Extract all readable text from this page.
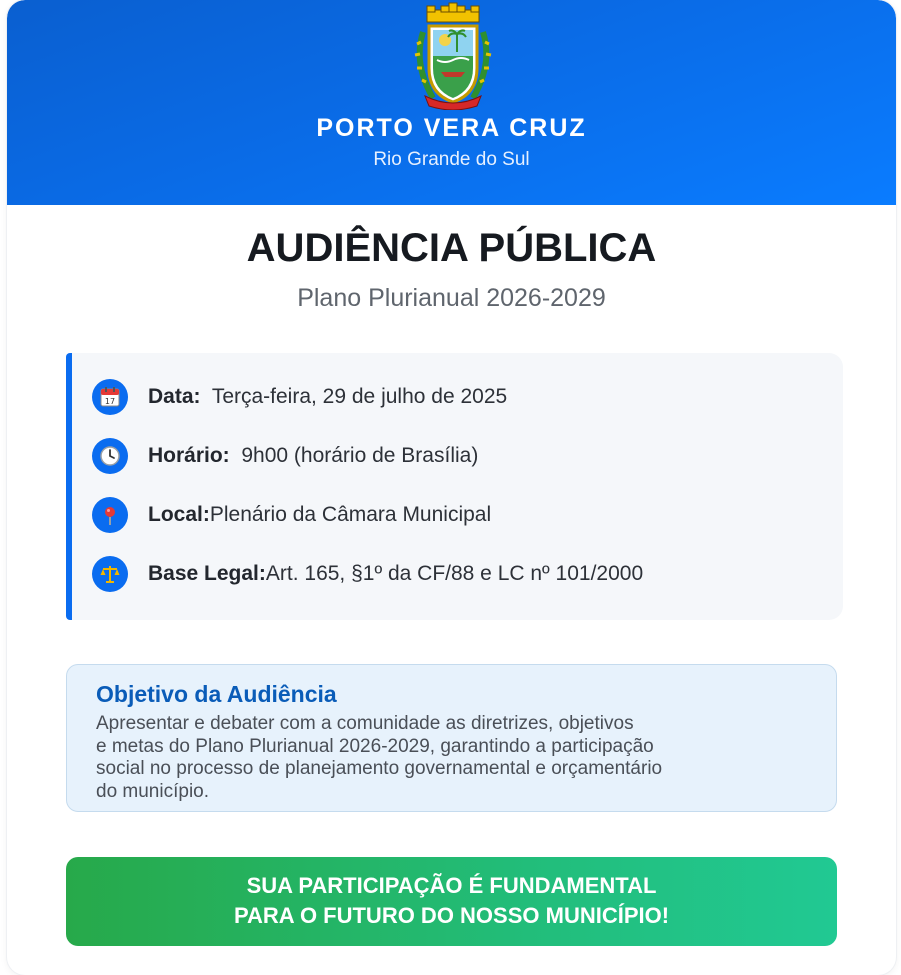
PORTO VERA CRUZ
Rio Grande do Sul
AUDIÊNCIA PÚBLICA
Plano Plurianual 2026-2029
17 Data: Terça-feira, 29 de julho de 2025
Horário: 9h00 (horário de Brasília)
Local:Plenário da Câmara Municipal
Base Legal:Art. 165, §1º da CF/88 e LC nº 101/2000
Objetivo da Audiência
Apresentar e debater com a comunidade as diretrizes, objetivos
e metas do Plano Plurianual 2026-2029, garantindo a participação
social no processo de planejamento governamental e orçamentário
do município.
SUA PARTICIPAÇÃO É FUNDAMENTAL
PARA O FUTURO DO NOSSO MUNICÍPIO!
